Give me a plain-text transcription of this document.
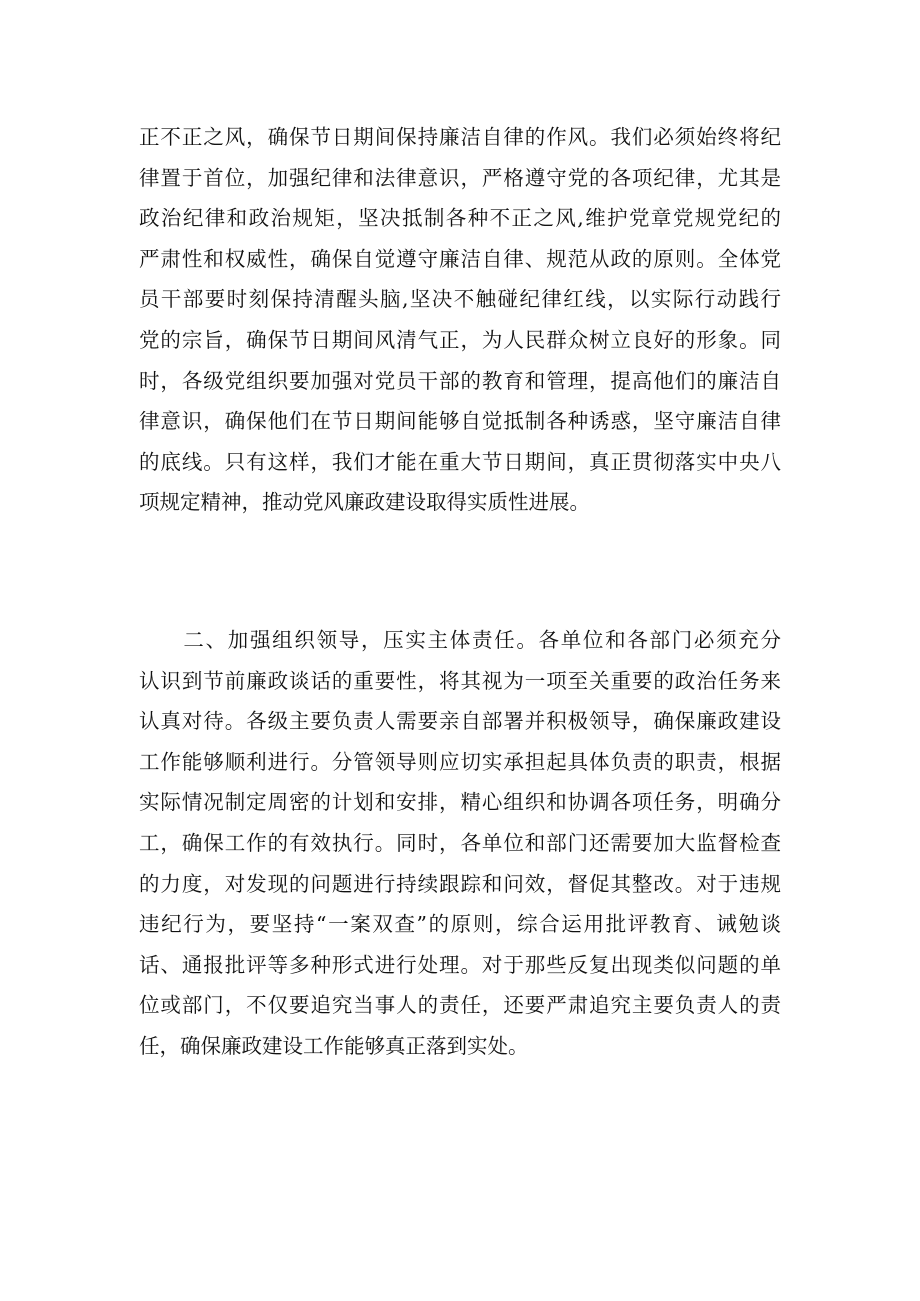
正不正之风，确保节日期间保持廉洁自律的作风。我们必须始终将纪
律置于首位，加强纪律和法律意识，严格遵守党的各项纪律，尤其是
政治纪律和政治规矩，坚决抵制各种不正之风,维护党章党规党纪的
严肃性和权威性，确保自觉遵守廉洁自律、规范从政的原则。全体党
员干部要时刻保持清醒头脑,坚决不触碰纪律红线，以实际行动践行
党的宗旨，确保节日期间风清气正，为人民群众树立良好的形象。同
时，各级党组织要加强对党员干部的教育和管理，提高他们的廉洁自
律意识，确保他们在节日期间能够自觉抵制各种诱惑，坚守廉洁自律
的底线。只有这样，我们才能在重大节日期间，真正贯彻落实中央八
项规定精神，推动党风廉政建设取得实质性进展。
　　二、加强组织领导，压实主体责任。各单位和各部门必须充分
认识到节前廉政谈话的重要性，将其视为一项至关重要的政治任务来
认真对待。各级主要负责人需要亲自部署并积极领导，确保廉政建设
工作能够顺利进行。分管领导则应切实承担起具体负责的职责，根据
实际情况制定周密的计划和安排，精心组织和协调各项任务，明确分
工，确保工作的有效执行。同时，各单位和部门还需要加大监督检查
的力度，对发现的问题进行持续跟踪和问效，督促其整改。对于违规
违纪行为，要坚持“一案双查”的原则，综合运用批评教育、诫勉谈
话、通报批评等多种形式进行处理。对于那些反复出现类似问题的单
位或部门，不仅要追究当事人的责任，还要严肃追究主要负责人的责
任，确保廉政建设工作能够真正落到实处。
